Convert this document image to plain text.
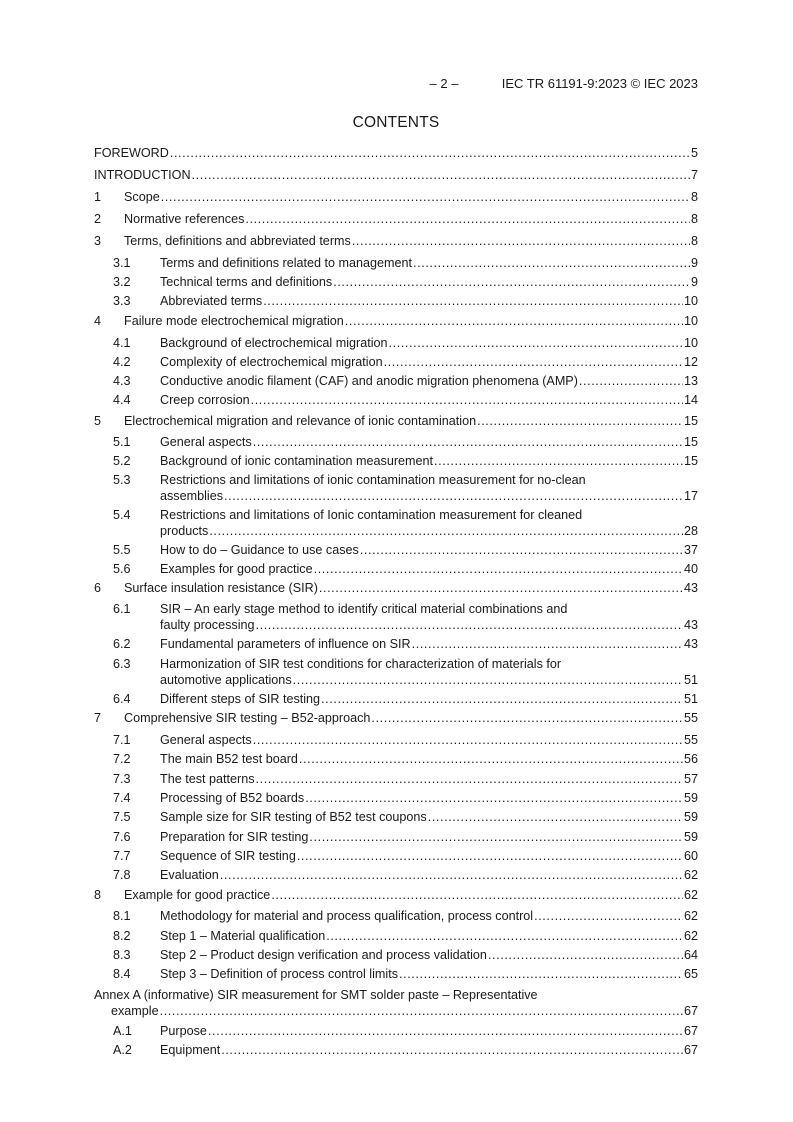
– 2 –	IEC TR 61191-9:2023 © IEC 2023
CONTENTS
FOREWORD .....	5
INTRODUCTION .....	7
1	Scope .....	8
2	Normative references .....	8
3	Terms, definitions and abbreviated terms .....	8
3.1	Terms and definitions related to management .....	9
3.2	Technical terms and definitions .....	9
3.3	Abbreviated terms .....	10
4	Failure mode electrochemical migration .....	10
4.1	Background of electrochemical migration .....	10
4.2	Complexity of electrochemical migration .....	12
4.3	Conductive anodic filament (CAF) and anodic migration phenomena (AMP) .....	13
4.4	Creep corrosion .....	14
5	Electrochemical migration and relevance of ionic contamination .....	15
5.1	General aspects .....	15
5.2	Background of ionic contamination measurement .....	15
5.3	Restrictions and limitations of ionic contamination measurement for no-clean
assemblies .....	17
5.4	Restrictions and limitations of Ionic contamination measurement for cleaned
products .....	28
5.5	How to do – Guidance to use cases .....	37
5.6	Examples for good practice .....	40
6	Surface insulation resistance (SIR) .....	43
6.1	SIR – An early stage method to identify critical material combinations and
faulty processing .....	43
6.2	Fundamental parameters of influence on SIR .....	43
6.3	Harmonization of SIR test conditions for characterization of materials for
automotive applications .....	51
6.4	Different steps of SIR testing .....	51
7	Comprehensive SIR testing – B52-approach .....	55
7.1	General aspects .....	55
7.2	The main B52 test board .....	56
7.3	The test patterns .....	57
7.4	Processing of B52 boards .....	59
7.5	Sample size for SIR testing of B52 test coupons .....	59
7.6	Preparation for SIR testing .....	59
7.7	Sequence of SIR testing .....	60
7.8	Evaluation .....	62
8	Example for good practice .....	62
8.1	Methodology for material and process qualification, process control .....	62
8.2	Step 1 – Material qualification .....	62
8.3	Step 2 – Product design verification and process validation .....	64
8.4	Step 3 – Definition of process control limits .....	65
Annex A (informative) SIR measurement for SMT solder paste – Representative
example .....	67
A.1	Purpose .....	67
A.2	Equipment .....	67
